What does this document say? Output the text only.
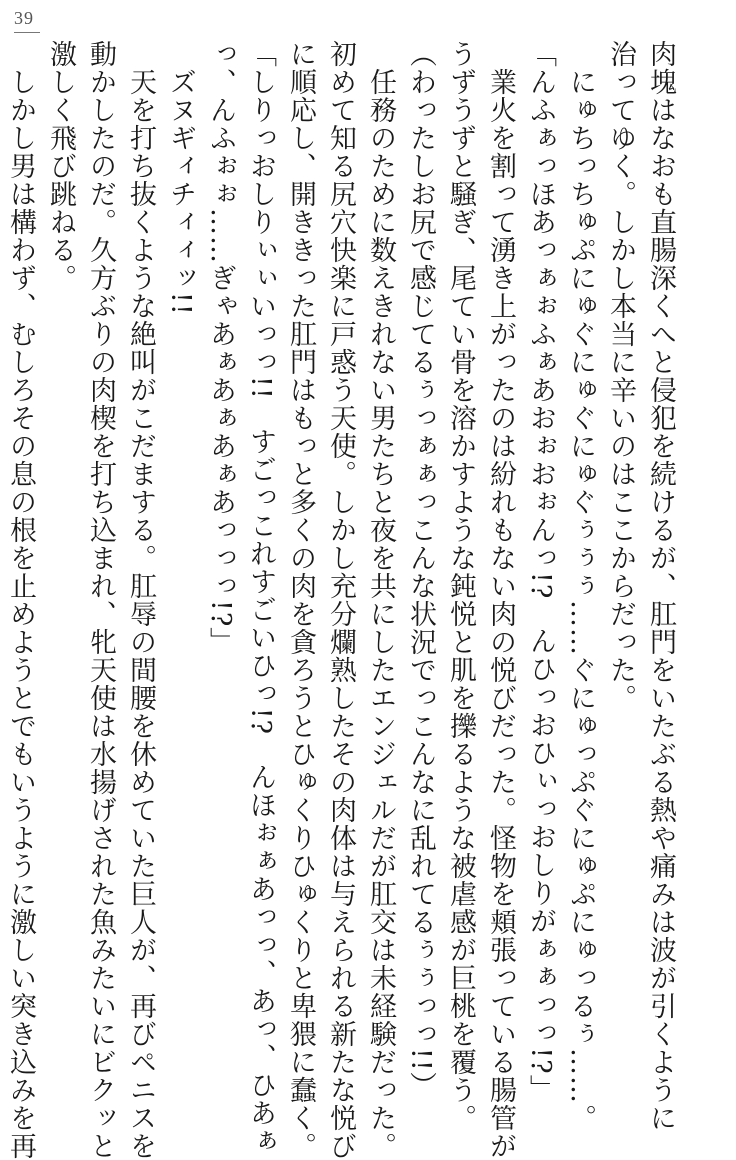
39
肉塊はなおも直腸深くへと侵犯を続けるが、肛門をいたぶる熱や痛みは波が引くように
治ってゆく。しかし本当に辛いのはここからだった。
　にゅちっちゅぷにゅぐにゅぐにゅぐぅぅぅ……ぐにゅっぷぐにゅぷにゅっるぅ……。
「んふぁっほあっぁぉふぁあおぉおぉんっ!?　んひっおひぃっおしりがぁぁっっ!?」
　業火を割って湧き上がったのは紛れもない肉の悦びだった。怪物を頬張っている腸管が
うずうずと騒ぎ、尾てい骨を溶かすような鈍悦と肌を擽るような被虐感が巨桃を覆う。
（わったしお尻で感じてるぅっぁぁっこんな状況でっこんなに乱れてるぅぅっっ!!）
　任務のために数えきれない男たちと夜を共にしたエンジェルだが肛交は未経験だった。
初めて知る尻穴快楽に戸惑う天使。しかし充分爛熟したその肉体は与えられる新たな悦び
に順応し、開ききった肛門はもっと多くの肉を貪ろうとひゅくりひゅくりと卑猥に蠢く。
「しりっおしりぃぃいっっ!!　すごっこれすごいひっ!?　んほぉぁあっっ、あっ、ひあぁ
っ、んふぉぉ……ぎゃあぁあぁあぁあっっっ!?」
　ズヌギィチィィッ!!
　天を打ち抜くような絶叫がこだまする。肛辱の間腰を休めていた巨人が、再びペニスを
動かしたのだ。久方ぶりの肉楔を打ち込まれ、牝天使は水揚げされた魚みたいにビクッと
激しく飛び跳ねる。
　しかし男は構わず、むしろその息の根を止めようとでもいうように激しい突き込みを再
